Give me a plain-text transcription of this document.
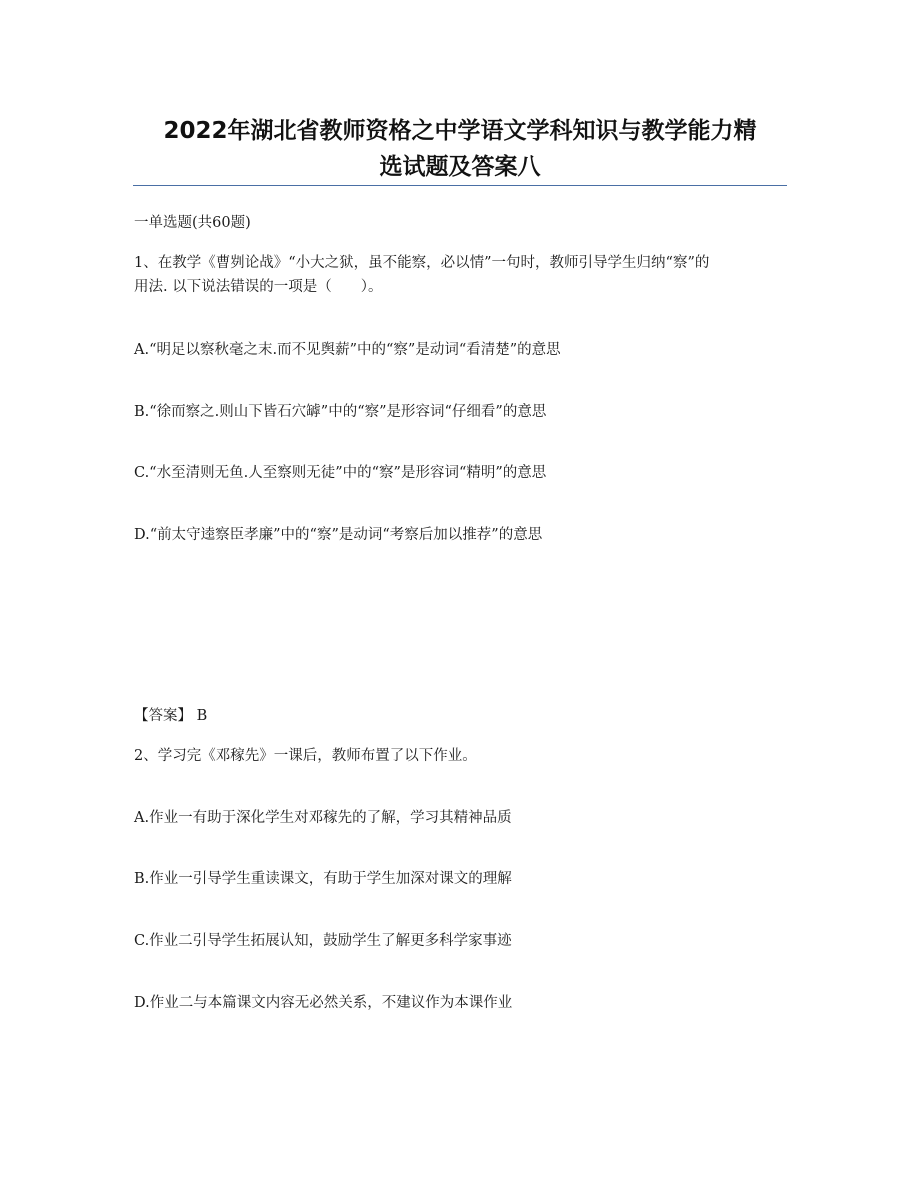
2022年湖北省教师资格之中学语文学科知识与教学能力精
选试题及答案八

一单选题(共60题)

1、在教学《曹刿论战》“小大之狱，虽不能察，必以情”一句时，教师引导学生归纳“察”的

用法. 以下说法错误的一项是（　　）。

A.“明足以察秋毫之末.而不见舆薪”中的“察”是动词“看清楚”的意思

B.“徐而察之.则山下皆石穴罅”中的“察”是形容词“仔细看”的意思

C.“水至清则无鱼.人至察则无徒”中的“察”是形容词“精明”的意思

D.“前太守逵察臣孝廉”中的“察”是动词“考察后加以推荐”的意思

【答案】 B

2、学习完《邓稼先》一课后，教师布置了以下作业。

A.作业一有助于深化学生对邓稼先的了解，学习其精神品质

B.作业一引导学生重读课文，有助于学生加深对课文的理解

C.作业二引导学生拓展认知，鼓励学生了解更多科学家事迹

D.作业二与本篇课文内容无必然关系，不建议作为本课作业
